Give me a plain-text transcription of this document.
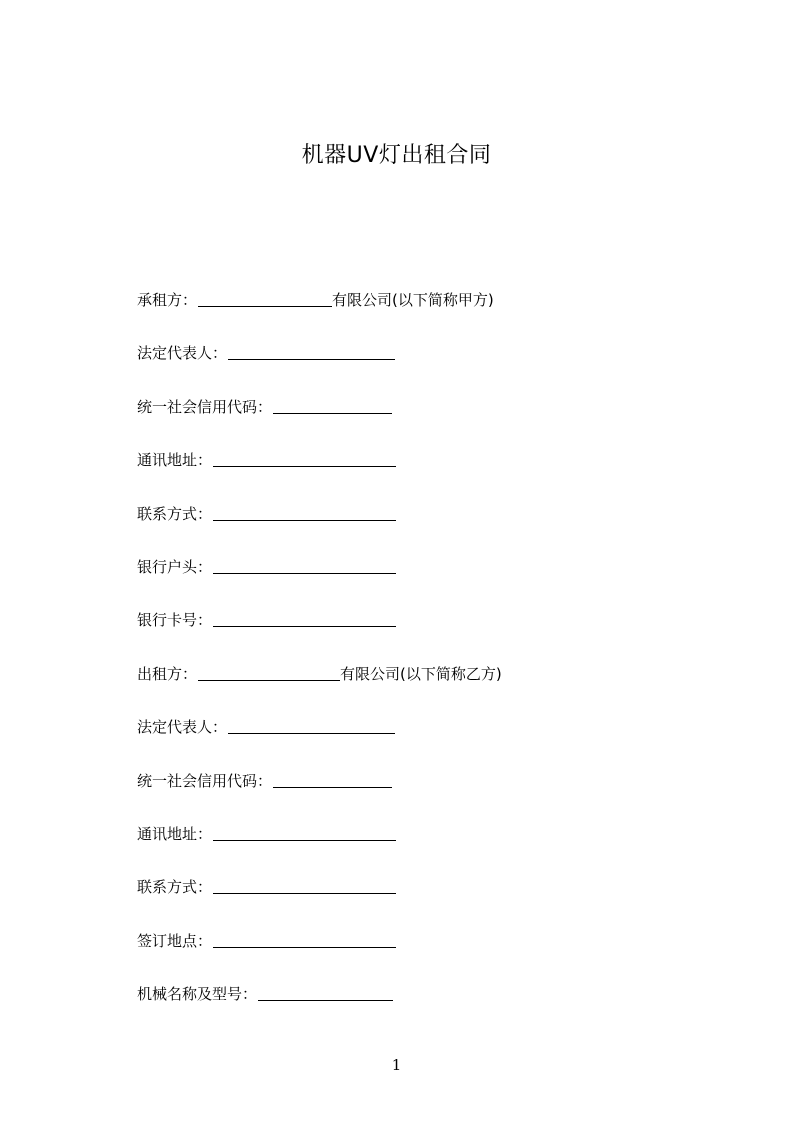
机器UV灯出租合同
承租方：	有限公司(以下简称甲方)
法定代表人：
统一社会信用代码：
通讯地址：
联系方式：
银行户头：
银行卡号：
出租方：	有限公司(以下简称乙方)
法定代表人：
统一社会信用代码：
通讯地址：
联系方式：
签订地点：
机械名称及型号：
1
